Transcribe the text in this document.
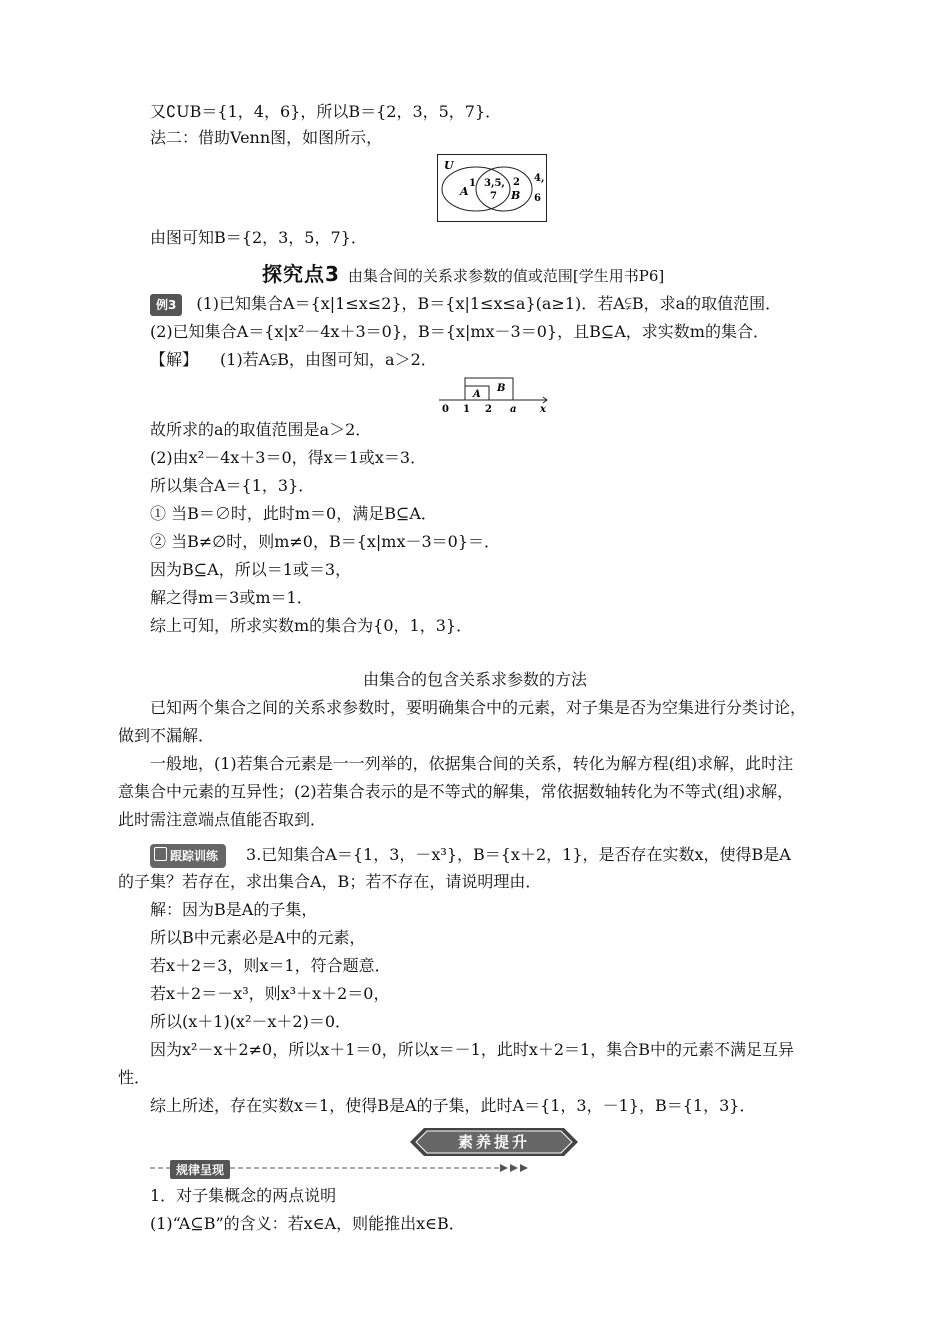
又∁UB＝{1，4，6}，所以B＝{2，3，5，7}．
法二：借助Venn图，如图所示，
U
A
1 3,5,
7
2
B
4,
6
由图可知B＝{2，3，5，7}．
探究点3 由集合间的关系求参数的值或范围[学生用书P6]
例3 (1)已知集合A＝{x|1≤x≤2}，B＝{x|1≤x≤a}(a≥1)．若A⫋B，求a的取值范围．
(2)已知集合A＝{x|x²－4x＋3＝0}，B＝{x|mx－3＝0}，且B⊆A，求实数m的集合．
【解】 (1)若A⫋B，由图可知，a＞2．
A
B
0 1 2 a x
故所求的a的取值范围是a＞2．
(2)由x²－4x＋3＝0，得x＝1或x＝3．
所以集合A＝{1，3}．
① 当B＝∅时，此时m＝0，满足B⊆A．
② 当B≠∅时，则m≠0，B＝{x|mx－3＝0}＝．
因为B⊆A，所以＝1或＝3，
解之得m＝3或m＝1．
综上可知，所求实数m的集合为{0，1，3}．
由集合的包含关系求参数的方法
已知两个集合之间的关系求参数时，要明确集合中的元素，对子集是否为空集进行分类讨论，
做到不漏解．
一般地，(1)若集合元素是一一列举的，依据集合间的关系，转化为解方程(组)求解，此时注
意集合中元素的互异性；(2)若集合表示的是不等式的解集，常依据数轴转化为不等式(组)求解，
此时需注意端点值能否取到．
跟踪训练 3.已知集合A＝{1，3，－x³}，B＝{x＋2，1}，是否存在实数x，使得B是A
的子集？若存在，求出集合A，B；若不存在，请说明理由．
解：因为B是A的子集，
所以B中元素必是A中的元素，
若x＋2＝3，则x＝1，符合题意．
若x＋2＝－x³，则x³＋x＋2＝0，
所以(x＋1)(x²－x＋2)＝0．
因为x²－x＋2≠0，所以x＋1＝0，所以x＝－1，此时x＋2＝1，集合B中的元素不满足互异
性．
综上所述，存在实数x＝1，使得B是A的子集，此时A＝{1，3，－1}，B＝{1，3}．
素养提升
规律呈现
1．对子集概念的两点说明
(1)“A⊆B”的含义：若x∈A，则能推出x∈B．
